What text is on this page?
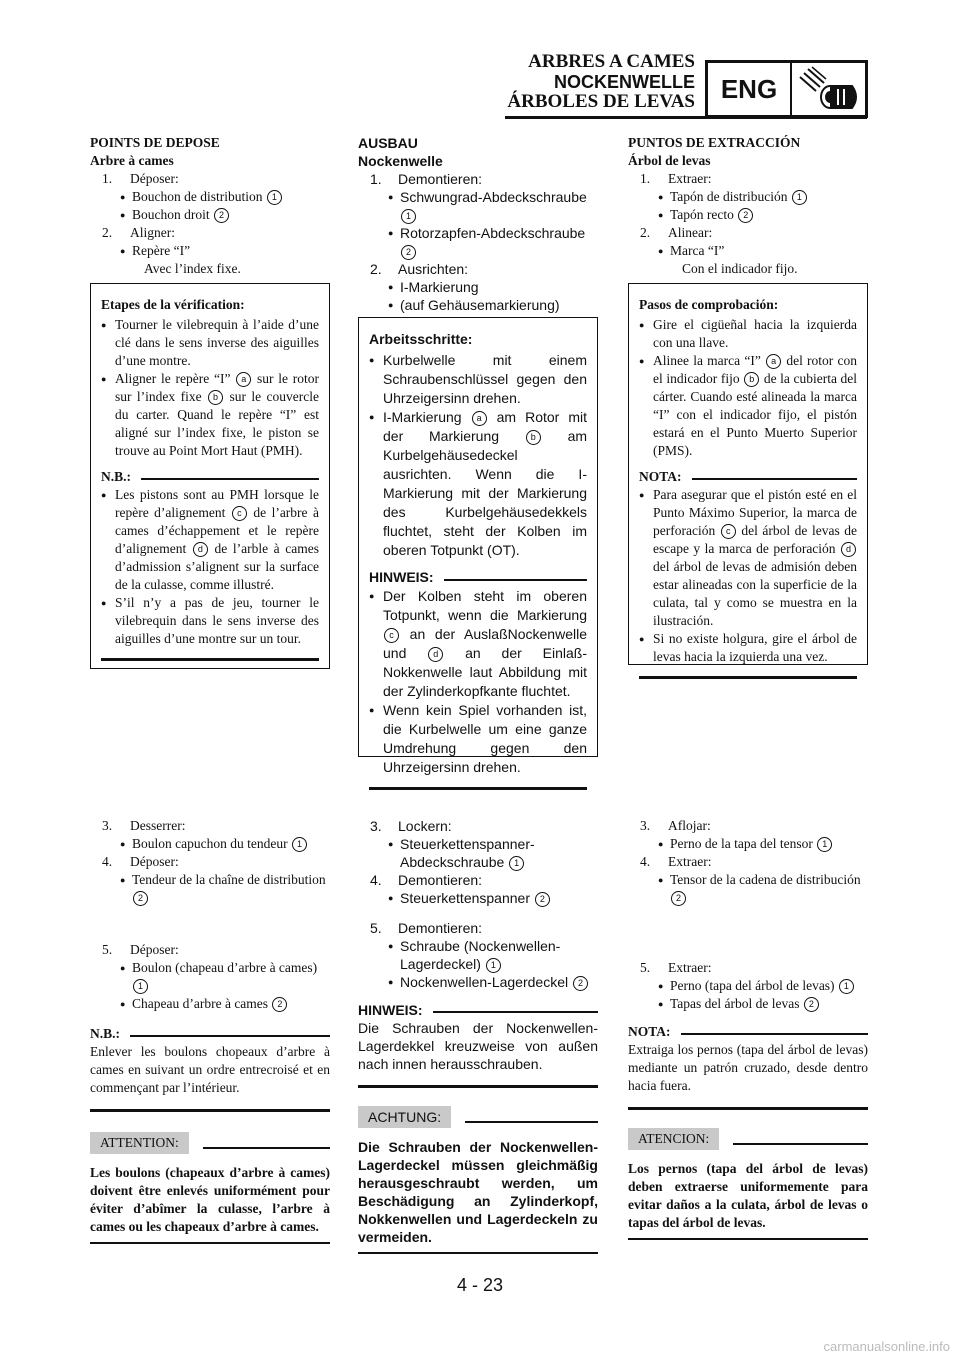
ARBRES A CAMES
NOCKENWELLE
ÁRBOLES DE LEVAS ENG
POINTS DE DEPOSE
Arbre à cames
1. Déposer:
● Bouchon de distribution 1
● Bouchon droit 2
2. Aligner:
● Repère “I”
Avec l’index fixe.
Etapes de la vérification:
● Tourner le vilebrequin à l’aide d’une clé dans le sens inverse des aiguilles d’une montre.
● Aligner le repère “I” a sur le rotor sur l’index fixe b sur le couvercle du carter. Quand le repère “I” est aligné sur l’index fixe, le piston se trouve au Point Mort Haut (PMH).
N.B.:
● Les pistons sont au PMH lorsque le repère d’alignement c de l’arbre à cames d’échappement et le repère d’alignement d de l’arble à cames d’admission s’alignent sur la surface de la culasse, comme illustré.
● S’il n’y a pas de jeu, tourner le vilebrequin dans le sens inverse des aiguilles d’une montre sur un tour.
AUSBAU
Nockenwelle
1. Demontieren:
● Schwungrad-Abdeckschraube 1
● Rotorzapfen-Abdeckschraube 2
2. Ausrichten:
● I-Markierung
● (auf Gehäusemarkierung)
Arbeitsschritte:
● Kurbelwelle mit einem Schraubenschlüssel gegen den Uhrzeigersinn drehen.
● I-Markierung a am Rotor mit der Markierung	b am Kurbelgehäusedeckel ausrichten. Wenn die I-Markierung mit der Markierung des Kurbelgehäusedekkels fluchtet, steht der Kolben im oberen Totpunkt (OT).
HINWEIS:
● Der Kolben steht im oberen Totpunkt, wenn die Markierung c an der AuslaßNockenwelle und	d an der Einlaß-Nokkenwelle laut Abbildung mit der Zylinderkopfkante fluchtet.
● Wenn kein Spiel vorhanden ist, die Kurbelwelle um eine ganze Umdrehung gegen den Uhrzeigersinn drehen.
PUNTOS DE EXTRACCIÓN
Árbol de levas
1. Extraer:
● Tapón de distribución 1
● Tapón recto 2
2. Alinear:
● Marca “I”
Con el indicador fijo.
Pasos de comprobación:
● Gire el cigüeñal hacia la izquierda con una llave.
● Alinee la marca “I” a del rotor con el indicador fijo b de la cubierta del cárter. Cuando esté alineada la marca “I” con el indicador fijo, el pistón estará en el Punto Muerto Superior (PMS).
NOTA:
● Para asegurar que el pistón esté en el Punto Máximo Superior, la marca de perforación c del árbol de levas de escape y la marca de perforación d del árbol de levas de admisión deben estar alineadas con la superficie de la culata, tal y como se muestra en la ilustración.
● Si no existe holgura, gire el árbol de levas hacia la izquierda una vez.
3. Desserrer:
● Boulon capuchon du tendeur 1
4. Déposer:
● Tendeur de la chaîne de distribution 2
5. Déposer:
● Boulon (chapeau d’arbre à cames) 1
● Chapeau d’arbre à cames 2
N.B.:
Enlever les boulons chopeaux d’arbre à cames en suivant un ordre entrecroisé et en commençant par l’intérieur.
ATTENTION:
Les boulons (chapeaux d’arbre à cames) doivent être enlevés uniformément pour éviter d’abîmer la culasse, l’arbre à cames ou les chapeaux d’arbre à cames.
3. Lockern:
● Steuerkettenspanner-Abdeckschraube 1
4. Demontieren:
● Steuerkettenspanner 2
5. Demontieren:
● Schraube (Nockenwellen-Lagerdeckel) 1
● Nockenwellen-Lagerdeckel 2
HINWEIS:
Die Schrauben der Nockenwellen-Lagerdekkel kreuzweise von außen nach innen herausschrauben.
ACHTUNG:
Die Schrauben der Nockenwellen-Lagerdeckel müssen gleichmäßig herausgeschraubt werden, um Beschädigung an Zylinderkopf, Nokkenwellen und Lagerdeckeln zu vermeiden.
3. Aflojar:
● Perno de la tapa del tensor 1
4. Extraer:
● Tensor de la cadena de distribución 2
5. Extraer:
● Perno (tapa del árbol de levas) 1
● Tapas del árbol de levas 2
NOTA:
Extraiga los pernos (tapa del árbol de levas) mediante un patrón cruzado, desde dentro hacia fuera.
ATENCION:
Los pernos (tapa del árbol de levas) deben extraerse uniformemente para evitar daños a la culata, árbol de levas o tapas del árbol de levas.
4 - 23
carmanualsonline.info
